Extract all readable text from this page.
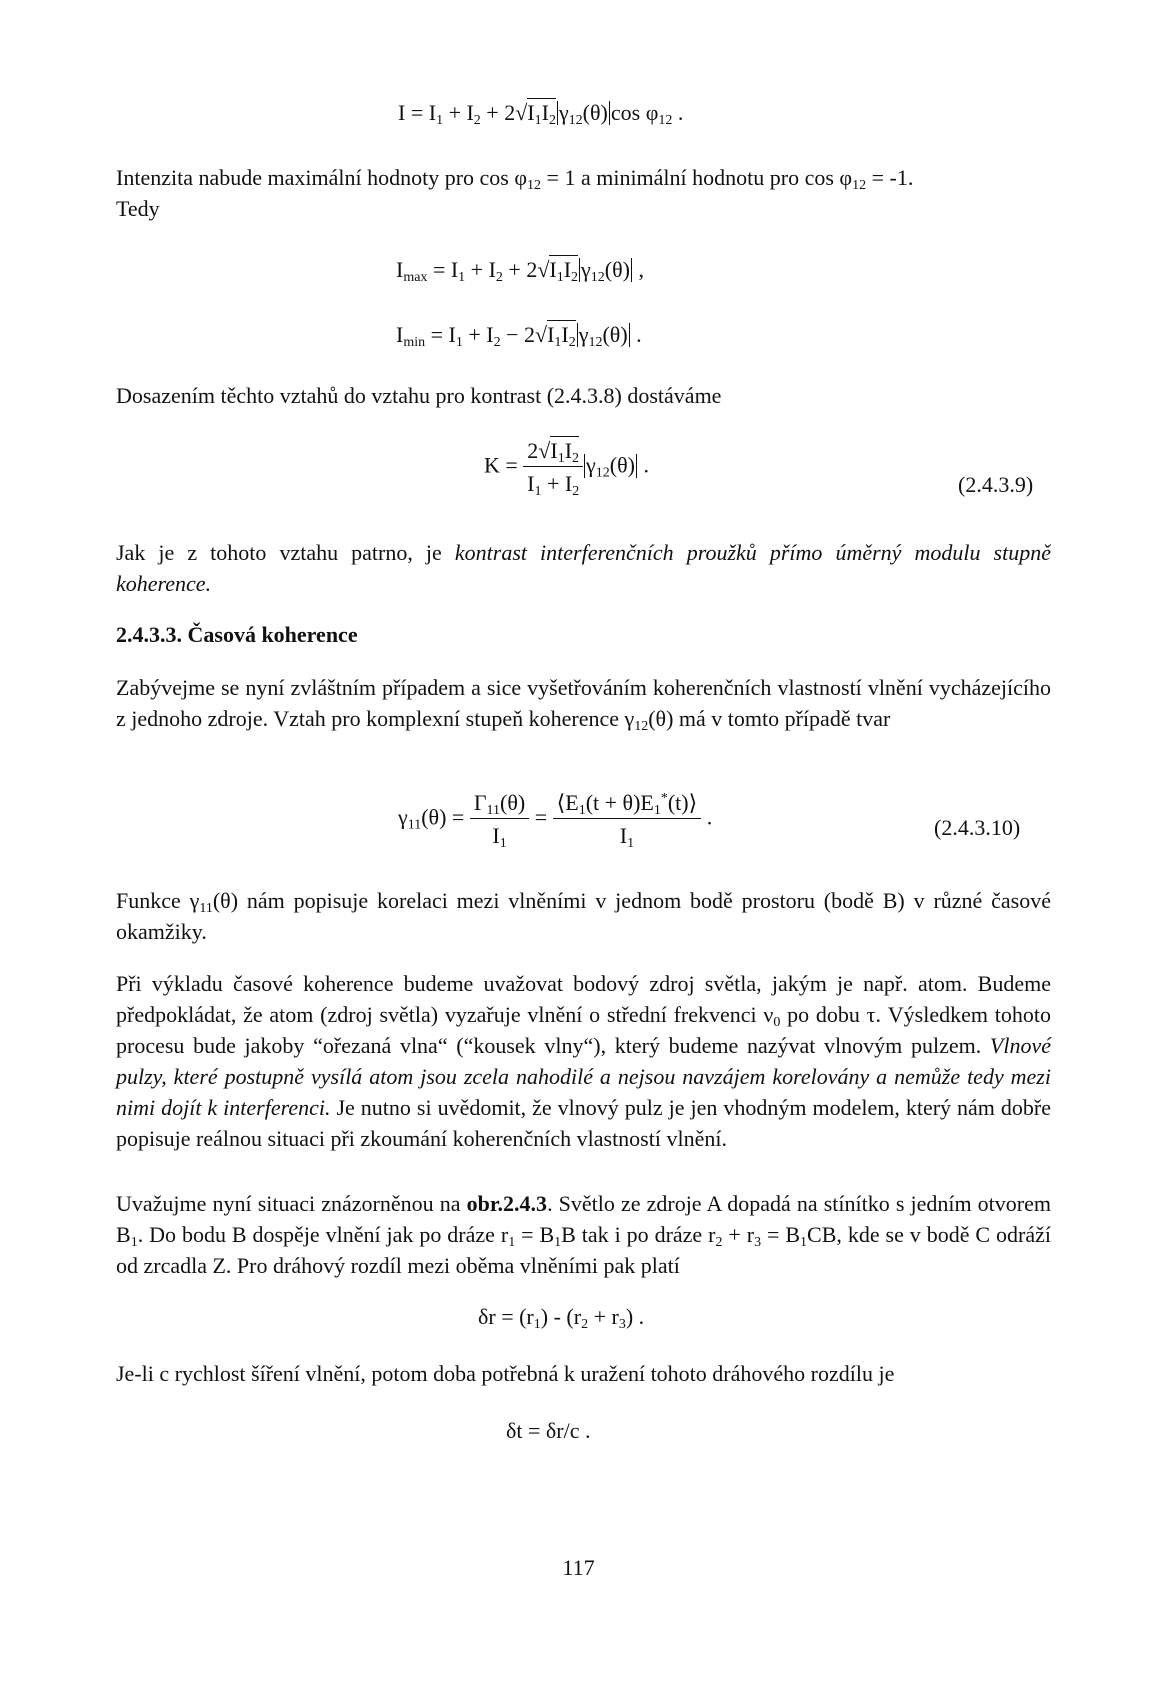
$I = I_1 + I_2 + 2√I_1I_2$ $\gamma_{12}(\theta)$ $\cos \varphi_{12}$ .

Intenzita nabude maximální hodnoty pro $\cos \varphi_{12} = 1$ a minimální hodnotu pro $\cos \varphi_{12} = -1$.
Tedy

$I_{max} = I_1 + I_2 + 2√I_1I_2$ $\gamma_{12}(\theta)$ ,
$I_{min} = I_1 + I_2 - 2√I_1I_2$ $\gamma_{12}(\theta)$ .

Dosazením těchto vztahů do vztahu pro kontrast (2.4.3.8) dostáváme

$K = \frac{2√I_1I_2}{I_1 + I_2} \gamma_{12}(\theta)$ .
(2.4.3.9)

Jak je z tohoto vztahu patrno, je kontrast interferenčních proužků přímo úměrný modulu stupně koherence.

2.4.3.3. Časová koherence

Zabývejme se nyní zvláštním případem a sice vyšetřováním koherenčních vlastností vlnění vycházejícího z jednoho zdroje. Vztah pro komplexní stupeň koherence $\gamma_{12}(\theta)$ má v tomto případě tvar

$\gamma_{11}(\theta) = \frac{\Gamma_{11}(\theta)}{I_1} = \frac{⟨E_1(t + \theta)E_1^*(t)⟩}{I_1}$ .	(2.4.3.10)

Funkce $\gamma_{11}(\theta)$ nám popisuje korelaci mezi vlněními v jednom bodě prostoru (bodě B) v různé časové okamžiky.

Při výkladu časové koherence budeme uvažovat bodový zdroj světla, jakým je např. atom. Budeme předpokládat, že atom (zdroj světla) vyzařuje vlnění o střední frekvenci $\nu_0$ po dobu τ. Výsledkem tohoto procesu bude jakoby “ořezaná vlna“ (“kousek vlny“), který budeme nazývat vlnovým pulzem. Vlnové pulzy, které postupně vysílá atom jsou zcela nahodilé a nejsou navzájem korelovány a nemůže tedy mezi nimi dojít k interferenci. Je nutno si uvědomit, že vlnový pulz je jen vhodným modelem, který nám dobře popisuje reálnou situaci při zkoumání koherenčních vlastností vlnění.

Uvažujme nyní situaci znázorněnou na obr.2.4.3. Světlo ze zdroje A dopadá na stínítko s jedním otvorem $B_1$. Do bodu B dospěje vlnění jak po dráze $r_1 = B_1B$ tak i po dráze $r_2 + r_3 = B_1CB$, kde se v bodě C odráží od zrcadla Z. Pro dráhový rozdíl mezi oběma vlněními pak platí

$\delta r = (r_1) - (r_2 + r_3)$ .

Je-li c rychlost šíření vlnění, potom doba potřebná k uražení tohoto dráhového rozdílu je

δt = δr/c .
117
